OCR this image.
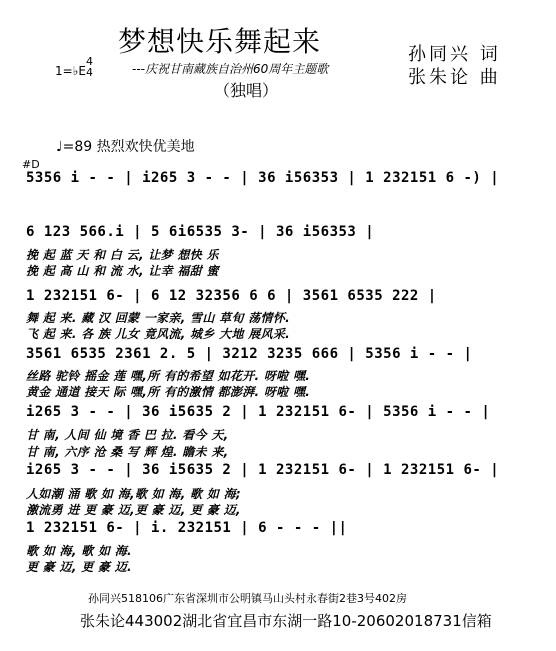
梦想快乐舞起来
---庆祝甘南藏族自治州60周年主题歌
（独唱）
孙同兴 词
张朱论 曲
1=♭E
4
4
♩=89 热烈欢快优美地
#D
5356 i - - | i265 3 - - | 36 i56353 | 1 232151 6 -) |
6 123 566.i | 5 6i6535 3- | 36 i56353 |
挽 起 蓝 天 和 白 云, 让梦 想快 乐
挽 起 高 山 和 流 水, 让幸 福甜 蜜
1 232151 6- | 6 12 32356 6 6 | 3561 6535 222 |
舞 起 来. 藏 汉 回蒙 一家亲, 雪山 草旬 荡情怀.
飞 起 来. 各 族 儿女 竟风流, 城乡 大地 展风采.
3561 6535 2361 2. 5 | 3212 3235 666 | 5356 i - - |
丝路 驼铃 摇金 莲 嘿,所 有的希望 如花开. 呀啦 嘿.
黄金 通道 接天 际 嘿,所 有的激情 都澎湃. 呀啦 嘿.
i265 3 - - | 36 i5635 2 | 1 232151 6- | 5356 i - - |
甘 南, 人间 仙 境 香 巴 拉. 看今 天,
甘 南, 六序 沧 桑 写 辉 煌. 瞻未 来,
i265 3 - - | 36 i5635 2 | 1 232151 6- | 1 232151 6- |
人如潮 涌 歌 如 海,歌 如 海, 歌 如 海;
激流勇 进 更 豪 迈,更 豪 迈, 更 豪 迈,
1 232151 6- | i. 232151 | 6 - - - ||
歌 如 海, 歌 如 海.
更 豪 迈, 更 豪 迈.
孙同兴518106广东省深圳市公明镇马山头村永春街2巷3号402房
张朱论443002湖北省宜昌市东湖一路10-20602018731信箱
